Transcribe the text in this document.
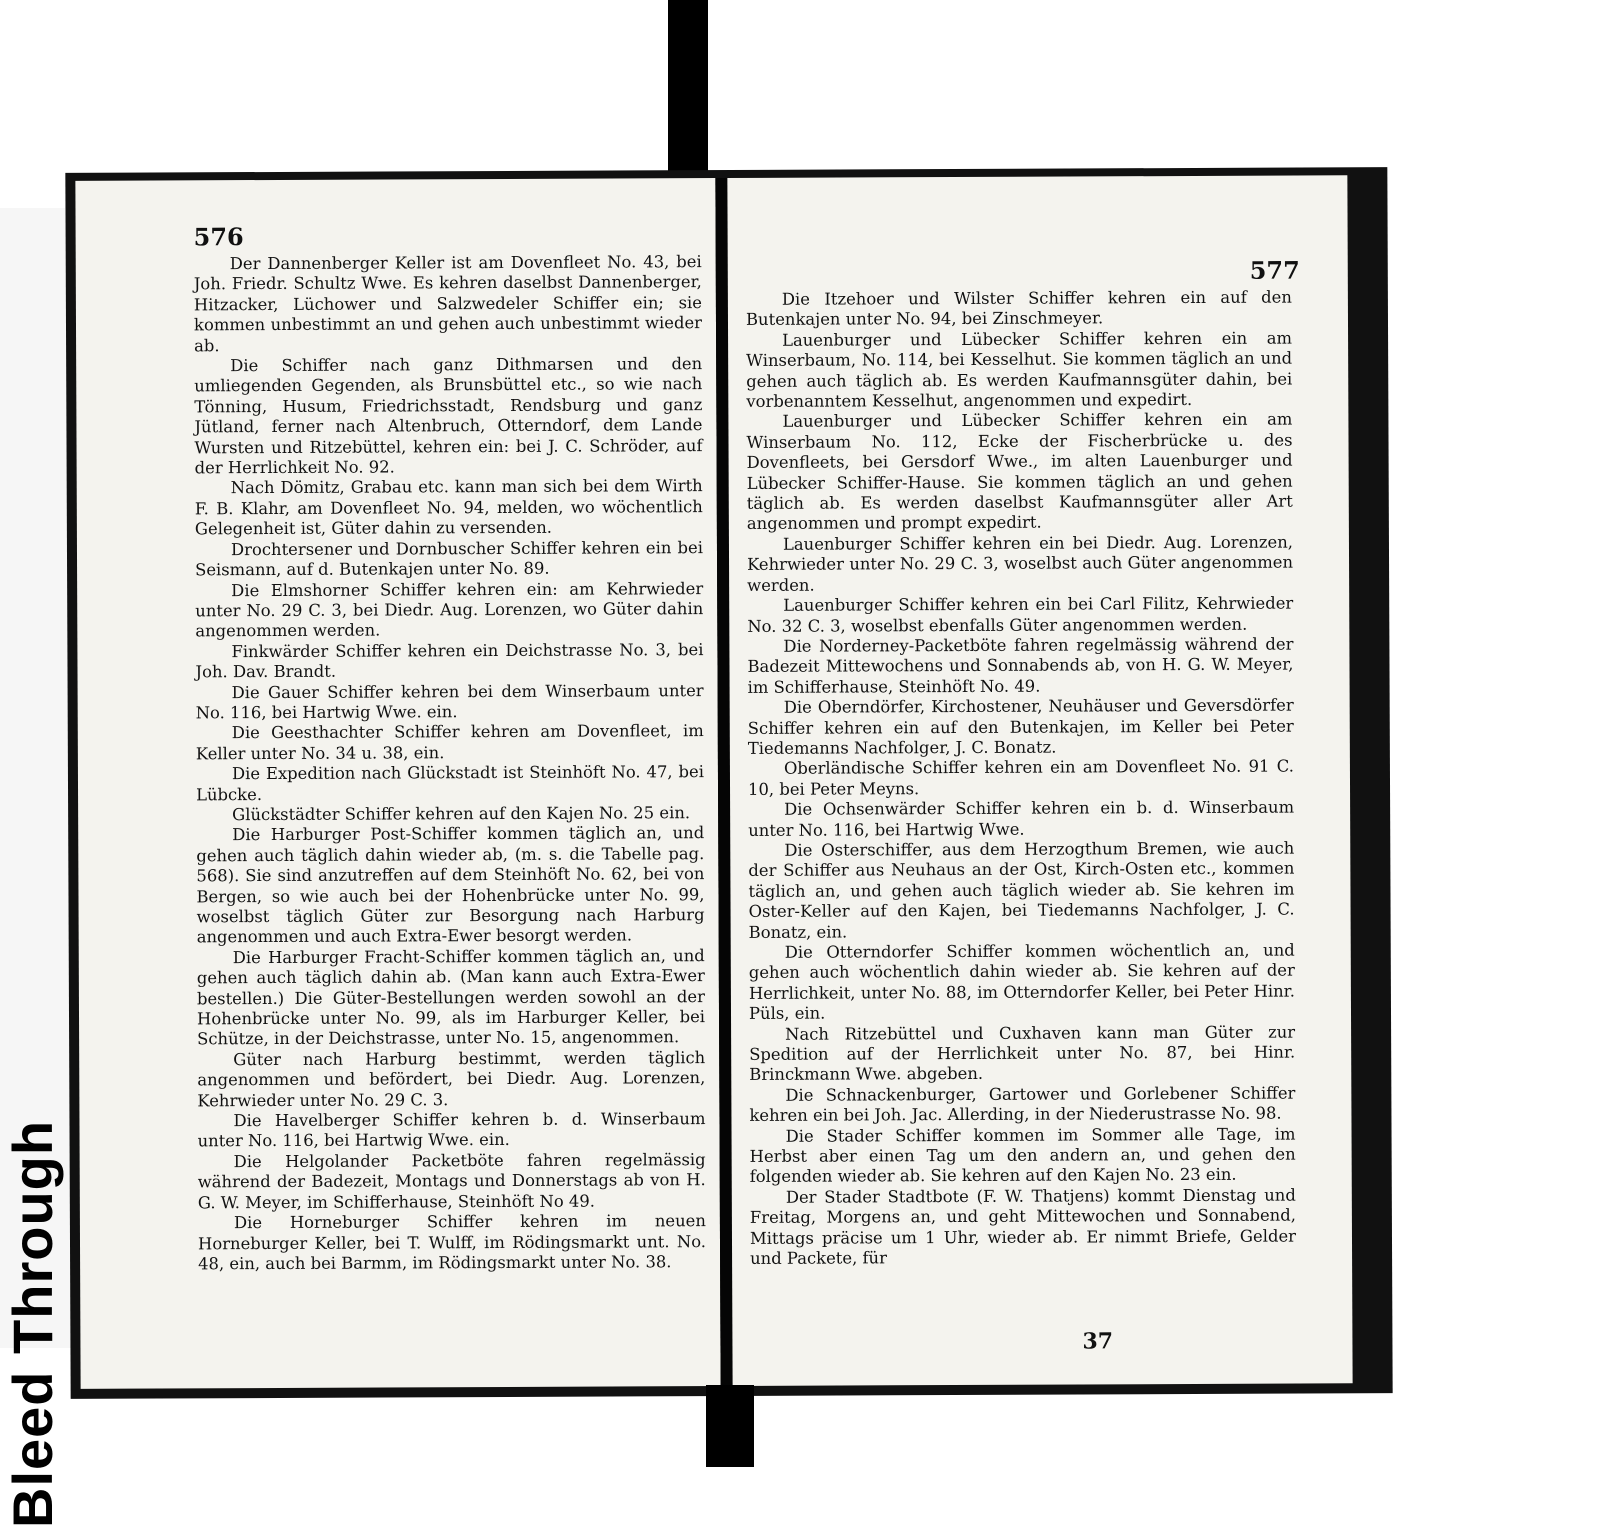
Bleed Through
576

Der Dannenberger Keller ist am Dovenfleet No. 43, bei Joh. Friedr. Schultz Wwe. Es kehren daselbst Dannenberger, Hitzacker, Lüchower und Salzwedeler Schiffer ein; sie kommen unbestimmt an und gehen auch unbestimmt wieder ab.

Die Schiffer nach ganz Dithmarsen und den umliegenden Gegenden, als Brunsbüttel etc., so wie nach Tönning, Husum, Friedrichsstadt, Rendsburg und ganz Jütland, ferner nach Altenbruch, Otterndorf, dem Lande Wursten und Ritzebüttel, kehren ein: bei J. C. Schröder, auf der Herrlichkeit No. 92.

Nach Dömitz, Grabau etc. kann man sich bei dem Wirth F. B. Klahr, am Dovenfleet No. 94, melden, wo wöchentlich Gelegenheit ist, Güter dahin zu versenden.

Drochtersener und Dornbuscher Schiffer kehren ein bei Seismann, auf d. Butenkajen unter No. 89.

Die Elmshorner Schiffer kehren ein: am Kehrwieder unter No. 29 C. 3, bei Diedr. Aug. Lorenzen, wo Güter dahin angenommen werden.

Finkwärder Schiffer kehren ein Deichstrasse No. 3, bei Joh. Dav. Brandt.

Die Gauer Schiffer kehren bei dem Winserbaum unter No. 116, bei Hartwig Wwe. ein.

Die Geesthachter Schiffer kehren am Dovenfleet, im Keller unter No. 34 u. 38, ein.

Die Expedition nach Glückstadt ist Steinhöft No. 47, bei Lübcke.

Glückstädter Schiffer kehren auf den Kajen No. 25 ein.

Die Harburger Post-Schiffer kommen täglich an, und gehen auch täglich dahin wieder ab, (m. s. die Tabelle pag. 568). Sie sind anzutreffen auf dem Steinhöft No. 62, bei von Bergen, so wie auch bei der Hohenbrücke unter No. 99, woselbst täglich Güter zur Besorgung nach Harburg angenommen und auch Extra-Ewer besorgt werden.

Die Harburger Fracht-Schiffer kommen täglich an, und gehen auch täglich dahin ab. (Man kann auch Extra-Ewer bestellen.) Die Güter-Bestellungen werden sowohl an der Hohenbrücke unter No. 99, als im Harburger Keller, bei Schütze, in der Deichstrasse, unter No. 15, angenommen.

Güter nach Harburg bestimmt, werden täglich angenommen und befördert, bei Diedr. Aug. Lorenzen, Kehrwieder unter No. 29 C. 3.

Die Havelberger Schiffer kehren b. d. Winserbaum unter No. 116, bei Hartwig Wwe. ein.

Die Helgolander Packetböte fahren regelmässig während der Badezeit, Montags und Donnerstags ab von H. G. W. Meyer, im Schifferhause, Steinhöft No 49.

Die Horneburger Schiffer kehren im neuen Horneburger Keller, bei T. Wulff, im Rödingsmarkt unt. No. 48, ein, auch bei Barmm, im Rödingsmarkt unter No. 38.

577

Die Itzehoer und Wilster Schiffer kehren ein auf den Butenkajen unter No. 94, bei Zinschmeyer.

Lauenburger und Lübecker Schiffer kehren ein am Winserbaum, No. 114, bei Kesselhut. Sie kommen täglich an und gehen auch täglich ab. Es werden Kaufmannsgüter dahin, bei vorbenanntem Kesselhut, angenommen und expedirt.

Lauenburger und Lübecker Schiffer kehren ein am Winserbaum No. 112, Ecke der Fischerbrücke u. des Dovenfleets, bei Gersdorf Wwe., im alten Lauenburger und Lübecker Schiffer-Hause. Sie kommen täglich an und gehen täglich ab. Es werden daselbst Kaufmannsgüter aller Art angenommen und prompt expedirt.

Lauenburger Schiffer kehren ein bei Diedr. Aug. Lorenzen, Kehrwieder unter No. 29 C. 3, woselbst auch Güter angenommen werden.

Lauenburger Schiffer kehren ein bei Carl Filitz, Kehrwieder No. 32 C. 3, woselbst ebenfalls Güter angenommen werden.

Die Norderney-Packetböte fahren regelmässig während der Badezeit Mittewochens und Sonnabends ab, von H. G. W. Meyer, im Schifferhause, Steinhöft No. 49.

Die Oberndörfer, Kirchostener, Neuhäuser und Geversdörfer Schiffer kehren ein auf den Butenkajen, im Keller bei Peter Tiedemanns Nachfolger, J. C. Bonatz.

Oberländische Schiffer kehren ein am Dovenfleet No. 91 C. 10, bei Peter Meyns.

Die Ochsenwärder Schiffer kehren ein b. d. Winserbaum unter No. 116, bei Hartwig Wwe.

Die Osterschiffer, aus dem Herzogthum Bremen, wie auch der Schiffer aus Neuhaus an der Ost, Kirch-Osten etc., kommen täglich an, und gehen auch täglich wieder ab. Sie kehren im Oster-Keller auf den Kajen, bei Tiedemanns Nachfolger, J. C. Bonatz, ein.

Die Otterndorfer Schiffer kommen wöchentlich an, und gehen auch wöchentlich dahin wieder ab. Sie kehren auf der Herrlichkeit, unter No. 88, im Otterndorfer Keller, bei Peter Hinr. Püls, ein.

Nach Ritzebüttel und Cuxhaven kann man Güter zur Spedition auf der Herrlichkeit unter No. 87, bei Hinr. Brinckmann Wwe. abgeben.

Die Schnackenburger, Gartower und Gorlebener Schiffer kehren ein bei Joh. Jac. Allerding, in der Niederustrasse No. 98.

Die Stader Schiffer kommen im Sommer alle Tage, im Herbst aber einen Tag um den andern an, und gehen den folgenden wieder ab. Sie kehren auf den Kajen No. 23 ein.

Der Stader Stadtbote (F. W. Thatjens) kommt Dienstag und Freitag, Morgens an, und geht Mittewochen und Sonnabend, Mittags präcise um 1 Uhr, wieder ab. Er nimmt Briefe, Gelder und Packete, für

37
